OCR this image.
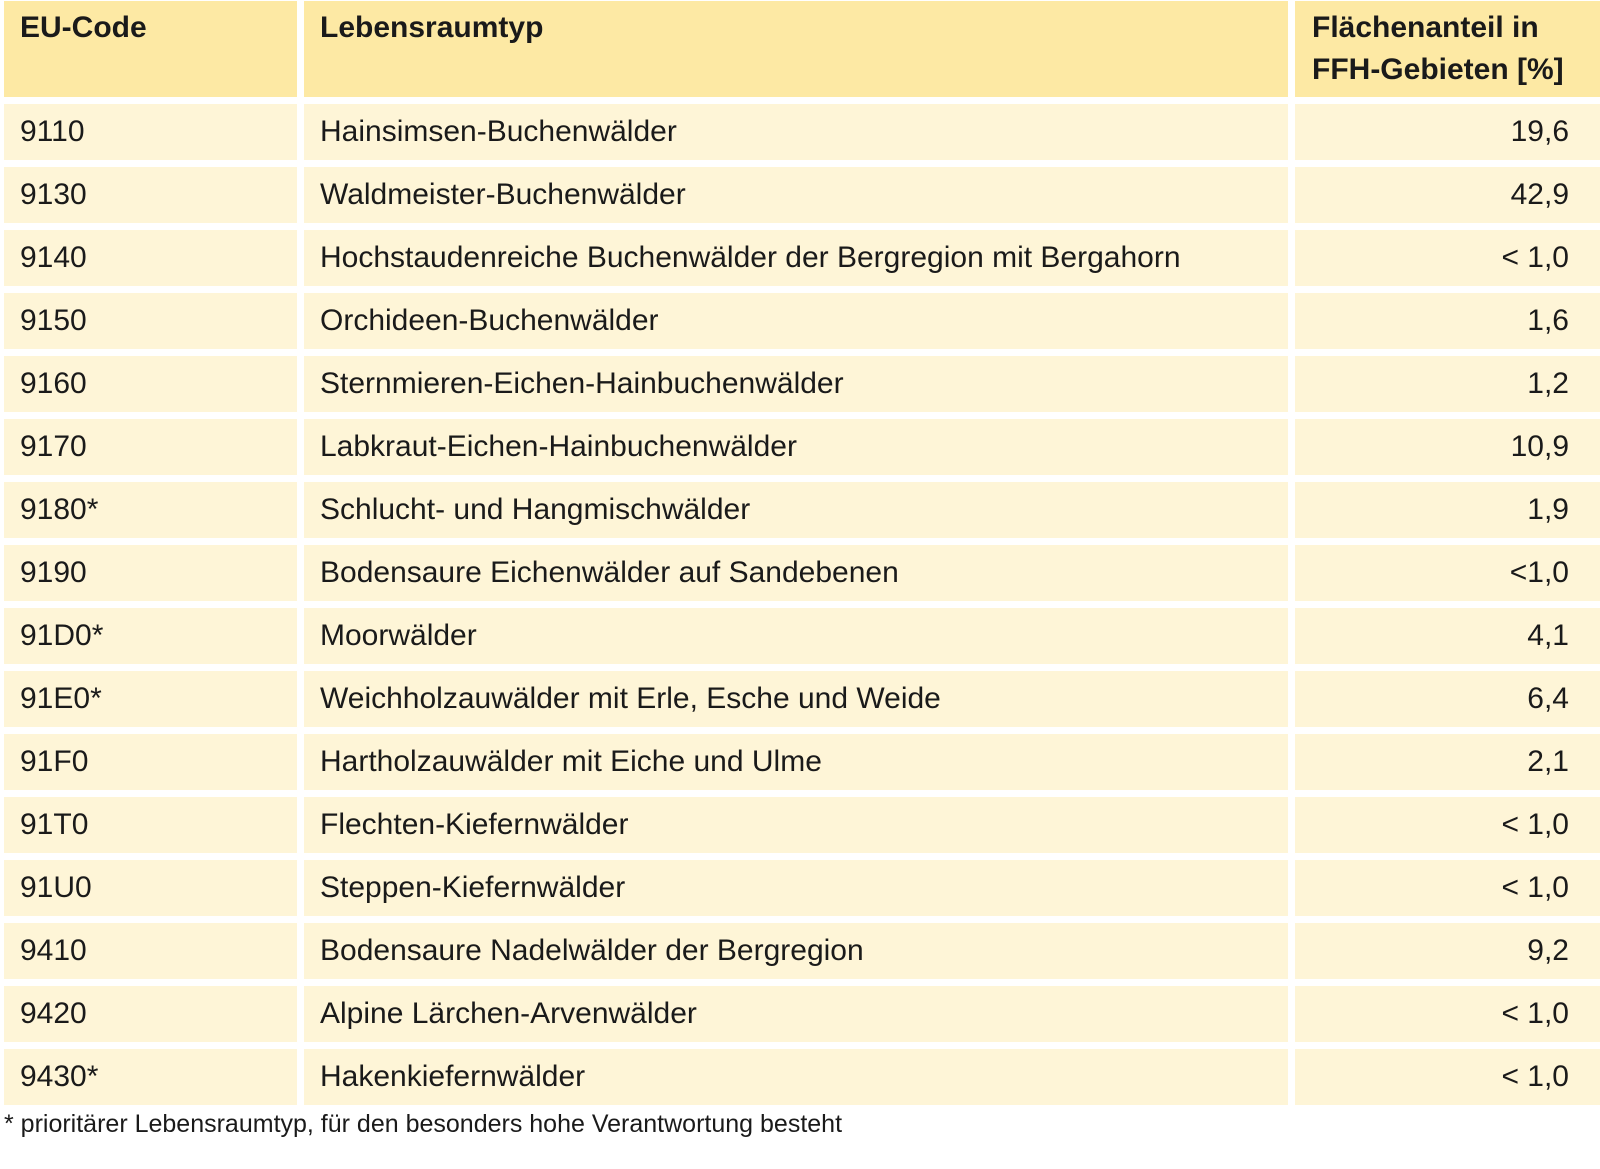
EU-Code	Lebensraumtyp	Flächenanteil in
FFH-Gebieten [%]

9110	Hainsimsen-Buchenwälder	19,6
9130	Waldmeister-Buchenwälder	42,9
9140	Hochstaudenreiche Buchenwälder der Bergregion mit Bergahorn	< 1,0
9150	Orchideen-Buchenwälder	1,6
9160	Sternmieren-Eichen-Hainbuchenwälder	1,2
9170	Labkraut-Eichen-Hainbuchenwälder	10,9
9180*	Schlucht- und Hangmischwälder	1,9
9190	Bodensaure Eichenwälder auf Sandebenen	<1,0
91D0*	Moorwälder	4,1
91E0*	Weichholzauwälder mit Erle, Esche und Weide	6,4
91F0	Hartholzauwälder mit Eiche und Ulme	2,1
91T0	Flechten-Kiefernwälder	< 1,0
91U0	Steppen-Kiefernwälder	< 1,0
9410	Bodensaure Nadelwälder der Bergregion	9,2
9420	Alpine Lärchen-Arvenwälder	< 1,0
9430*	Hakenkiefernwälder	< 1,0
* prioritärer Lebensraumtyp, für den besonders hohe Verantwortung besteht
